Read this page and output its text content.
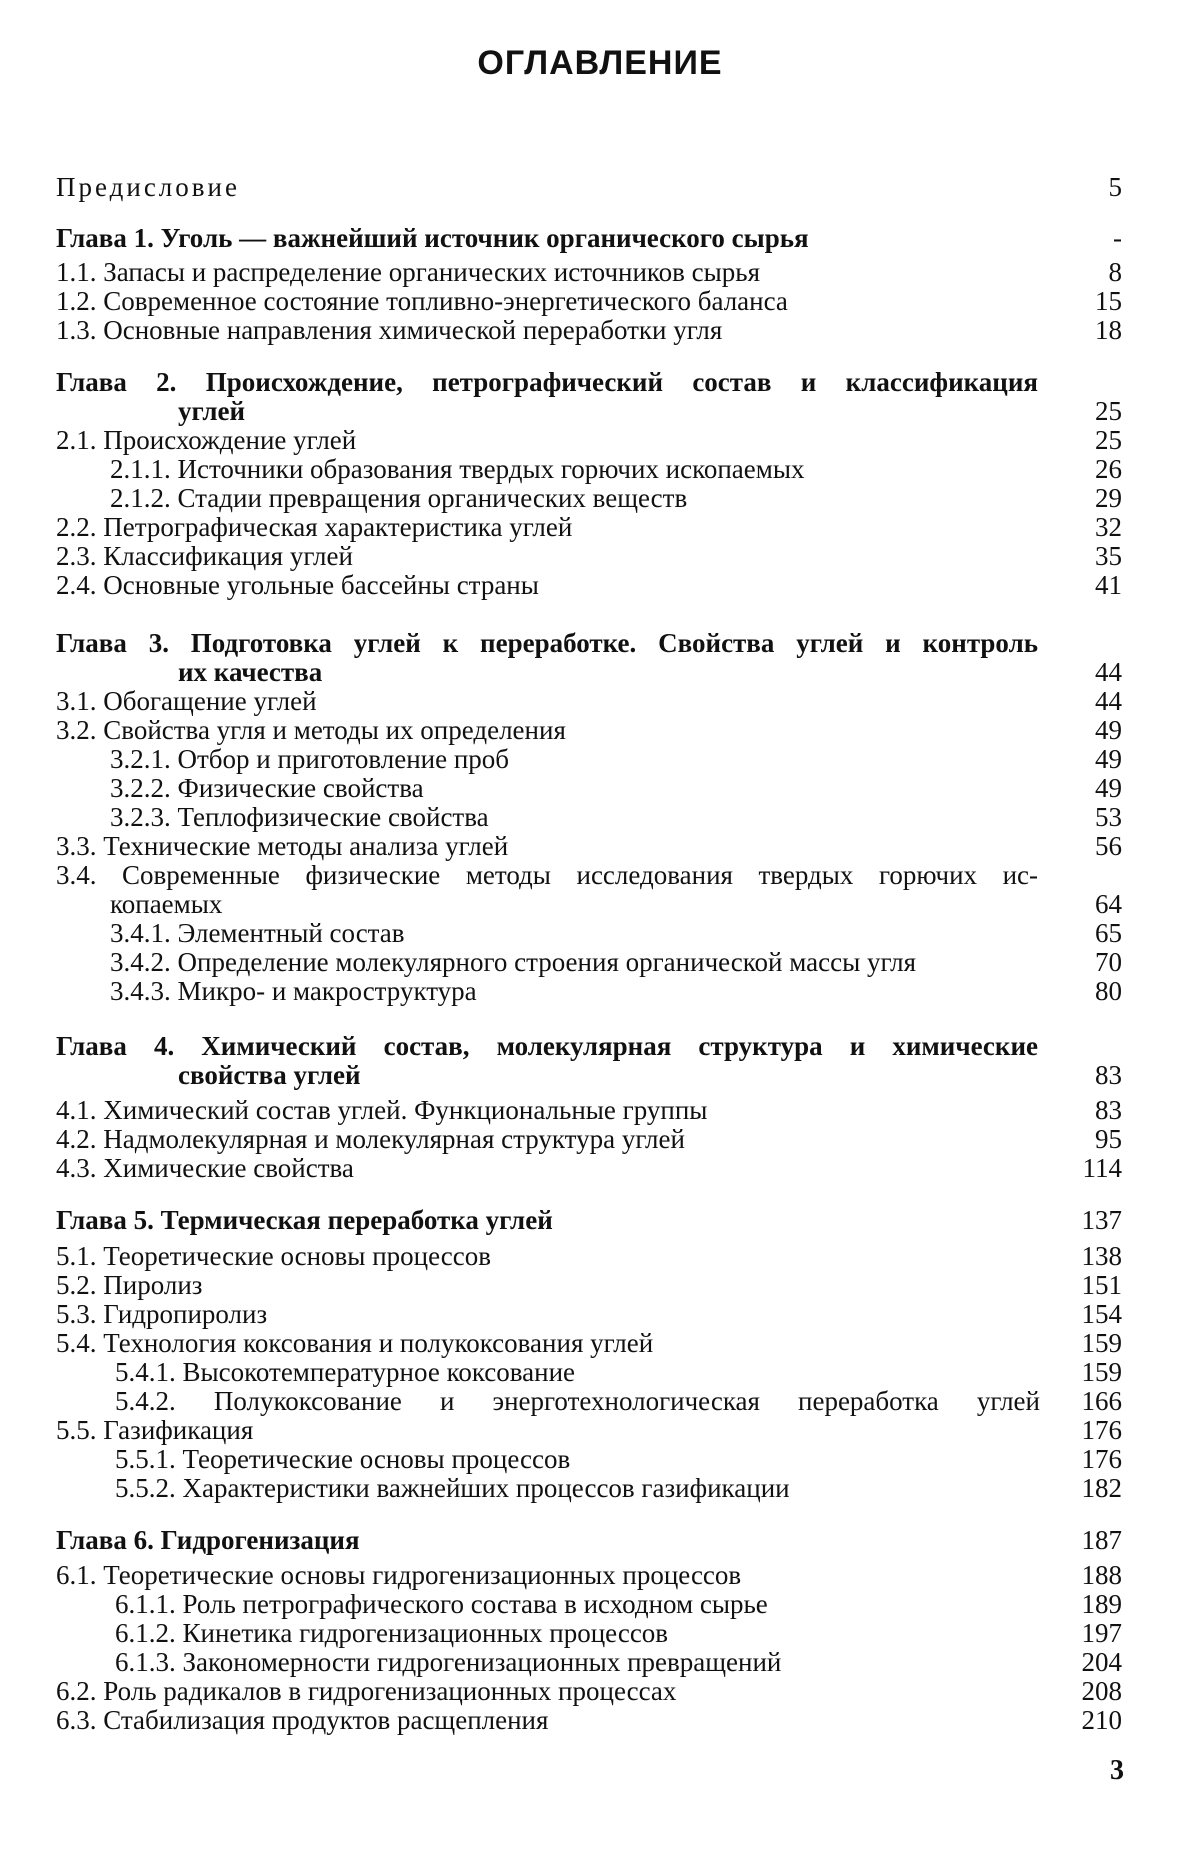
ОГЛАВЛЕНИЕ
Предисловие	5
Глава 1. Уголь — важнейший источник органического сырья	-
1.1. Запасы и распределение органических источников сырья	8
1.2. Современное состояние топливно-энергетического баланса	15
1.3. Основные направления химической переработки угля	18
Глава 2. Происхождение, петрографический состав и классификация
углей	25
2.1. Происхождение углей	25
2.1.1. Источники образования твердых горючих ископаемых	26
2.1.2. Стадии превращения органических веществ	29
2.2. Петрографическая характеристика углей	32
2.3. Классификация углей	35
2.4. Основные угольные бассейны страны	41
Глава 3. Подготовка углей к переработке. Свойства углей и контроль
их качества	44
3.1. Обогащение углей	44
3.2. Свойства угля и методы их определения	49
3.2.1. Отбор и приготовление проб	49
3.2.2. Физические свойства	49
3.2.3. Теплофизические свойства	53
3.3. Технические методы анализа углей	56
3.4. Современные физические методы исследования твердых горючих ис-
копаемых	64
3.4.1. Элементный состав	65
3.4.2. Определение молекулярного строения органической массы угля	70
3.4.3. Микро- и макроструктура	80
Глава 4. Химический состав, молекулярная структура и химические
свойства углей	83
4.1. Химический состав углей. Функциональные группы	83
4.2. Надмолекулярная и молекулярная структура углей	95
4.3. Химические свойства	114
Глава 5. Термическая переработка углей	137
5.1. Теоретические основы процессов	138
5.2. Пиролиз	151
5.3. Гидропиролиз	154
5.4. Технология коксования и полукоксования углей	159
5.4.1. Высокотемпературное коксование	159
5.4.2. Полукоксование и энерготехнологическая переработка углей	166
5.5. Газификация	176
5.5.1. Теоретические основы процессов	176
5.5.2. Характеристики важнейших процессов газификации	182
Глава 6. Гидрогенизация	187
6.1. Теоретические основы гидрогенизационных процессов	188
6.1.1. Роль петрографического состава в исходном сырье	189
6.1.2. Кинетика гидрогенизационных процессов	197
6.1.3. Закономерности гидрогенизационных превращений	204
6.2. Роль радикалов в гидрогенизационных процессах	208
6.3. Стабилизация продуктов расщепления	210
3
